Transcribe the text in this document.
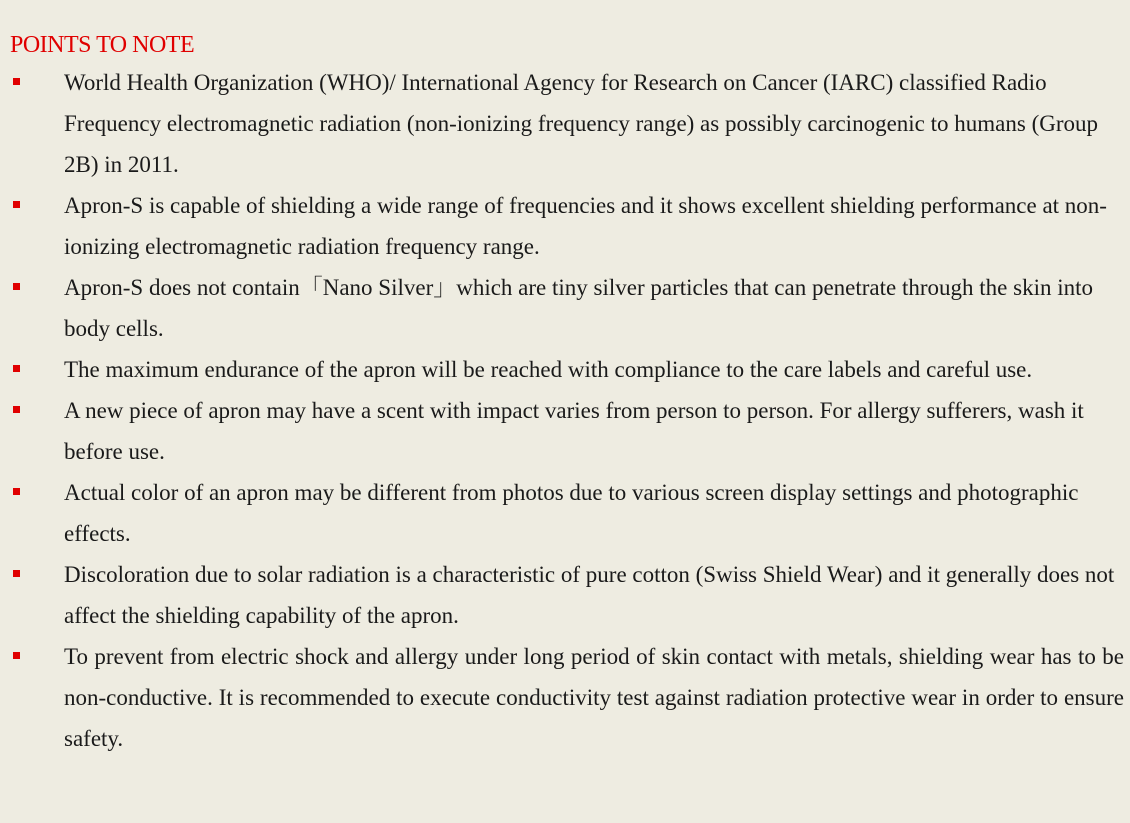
POINTS TO NOTE
World Health Organization (WHO)/ International Agency for Research on Cancer (IARC) classified Radio Frequency electromagnetic radiation (non-ionizing frequency range) as possibly carcinogenic to humans (Group 2B) in 2011.
Apron-S is capable of shielding a wide range of frequencies and it shows excellent shielding performance at non-ionizing electromagnetic radiation frequency range.
Apron-S does not contain「Nano Silver」which are tiny silver particles that can penetrate through the skin into body cells.
The maximum endurance of the apron will be reached with compliance to the care labels and careful use.
A new piece of apron may have a scent with impact varies from person to person. For allergy sufferers, wash it before use.
Actual color of an apron may be different from photos due to various screen display settings and photographic effects.
Discoloration due to solar radiation is a characteristic of pure cotton (Swiss Shield Wear) and it generally does not affect the shielding capability of the apron.
To prevent from electric shock and allergy under long period of skin contact with metals, shielding wear has to be non-conductive. It is recommended to execute conductivity test against radiation protective wear in order to ensure safety.
